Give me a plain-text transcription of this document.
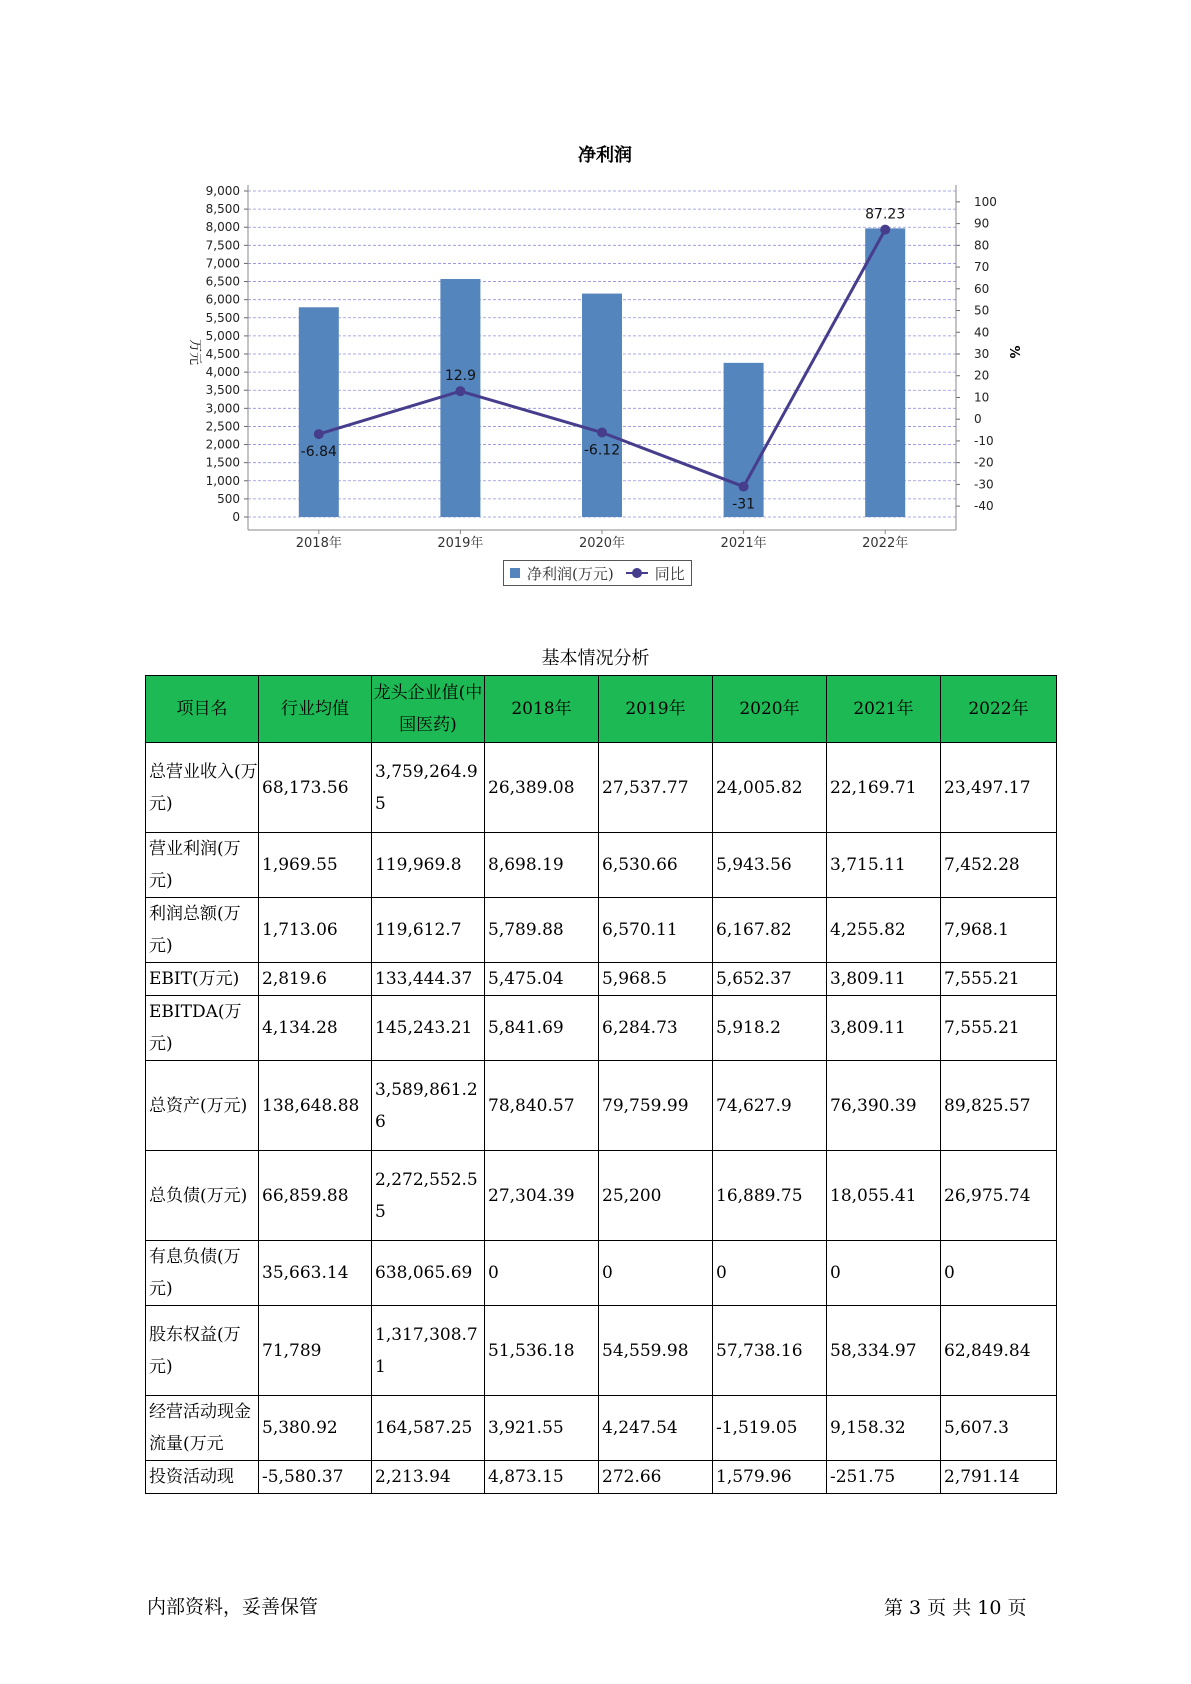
净利润
0
500
1,000
1,500
2,000
2,500
3,000
3,500
4,000
4,500
5,000
5,500
6,000
6,500
7,000
7,500
8,000
8,500
9,000
-40
-30
-20
-10
0
10
20
30
40
50
60
70
80
90
100
万元	%
2018年	2019年	2020年	2021年	2022年
-6.84
12.9
-6.12
-31
87.23
净利润(万元)	同比
基本情况分析
项目名	行业均值	龙头企业值(中国医药)	2018年	2019年	2020年	2021年	2022年
总营业收入(万元)	68,173.56	3,759,264.95	26,389.08	27,537.77	24,005.82	22,169.71	23,497.17
营业利润(万元)	1,969.55	119,969.8	8,698.19	6,530.66	5,943.56	3,715.11	7,452.28
利润总额(万元)	1,713.06	119,612.7	5,789.88	6,570.11	6,167.82	4,255.82	7,968.1
EBIT(万元)	2,819.6	133,444.37	5,475.04	5,968.5	5,652.37	3,809.11	7,555.21
EBITDA(万元)	4,134.28	145,243.21	5,841.69	6,284.73	5,918.2	3,809.11	7,555.21
总资产(万元)	138,648.88	3,589,861.26	78,840.57	79,759.99	74,627.9	76,390.39	89,825.57
总负债(万元)	66,859.88	2,272,552.55	27,304.39	25,200	16,889.75	18,055.41	26,975.74
有息负债(万元)	35,663.14	638,065.69	0	0	0	0	0
股东权益(万元)	71,789	1,317,308.71	51,536.18	54,559.98	57,738.16	58,334.97	62,849.84
经营活动现金流量(万元	5,380.92	164,587.25	3,921.55	4,247.54	-1,519.05	9,158.32	5,607.3
投资活动现	-5,580.37	2,213.94	4,873.15	272.66	1,579.96	-251.75	2,791.14
内部资料，妥善保管	第 3 页 共 10 页
